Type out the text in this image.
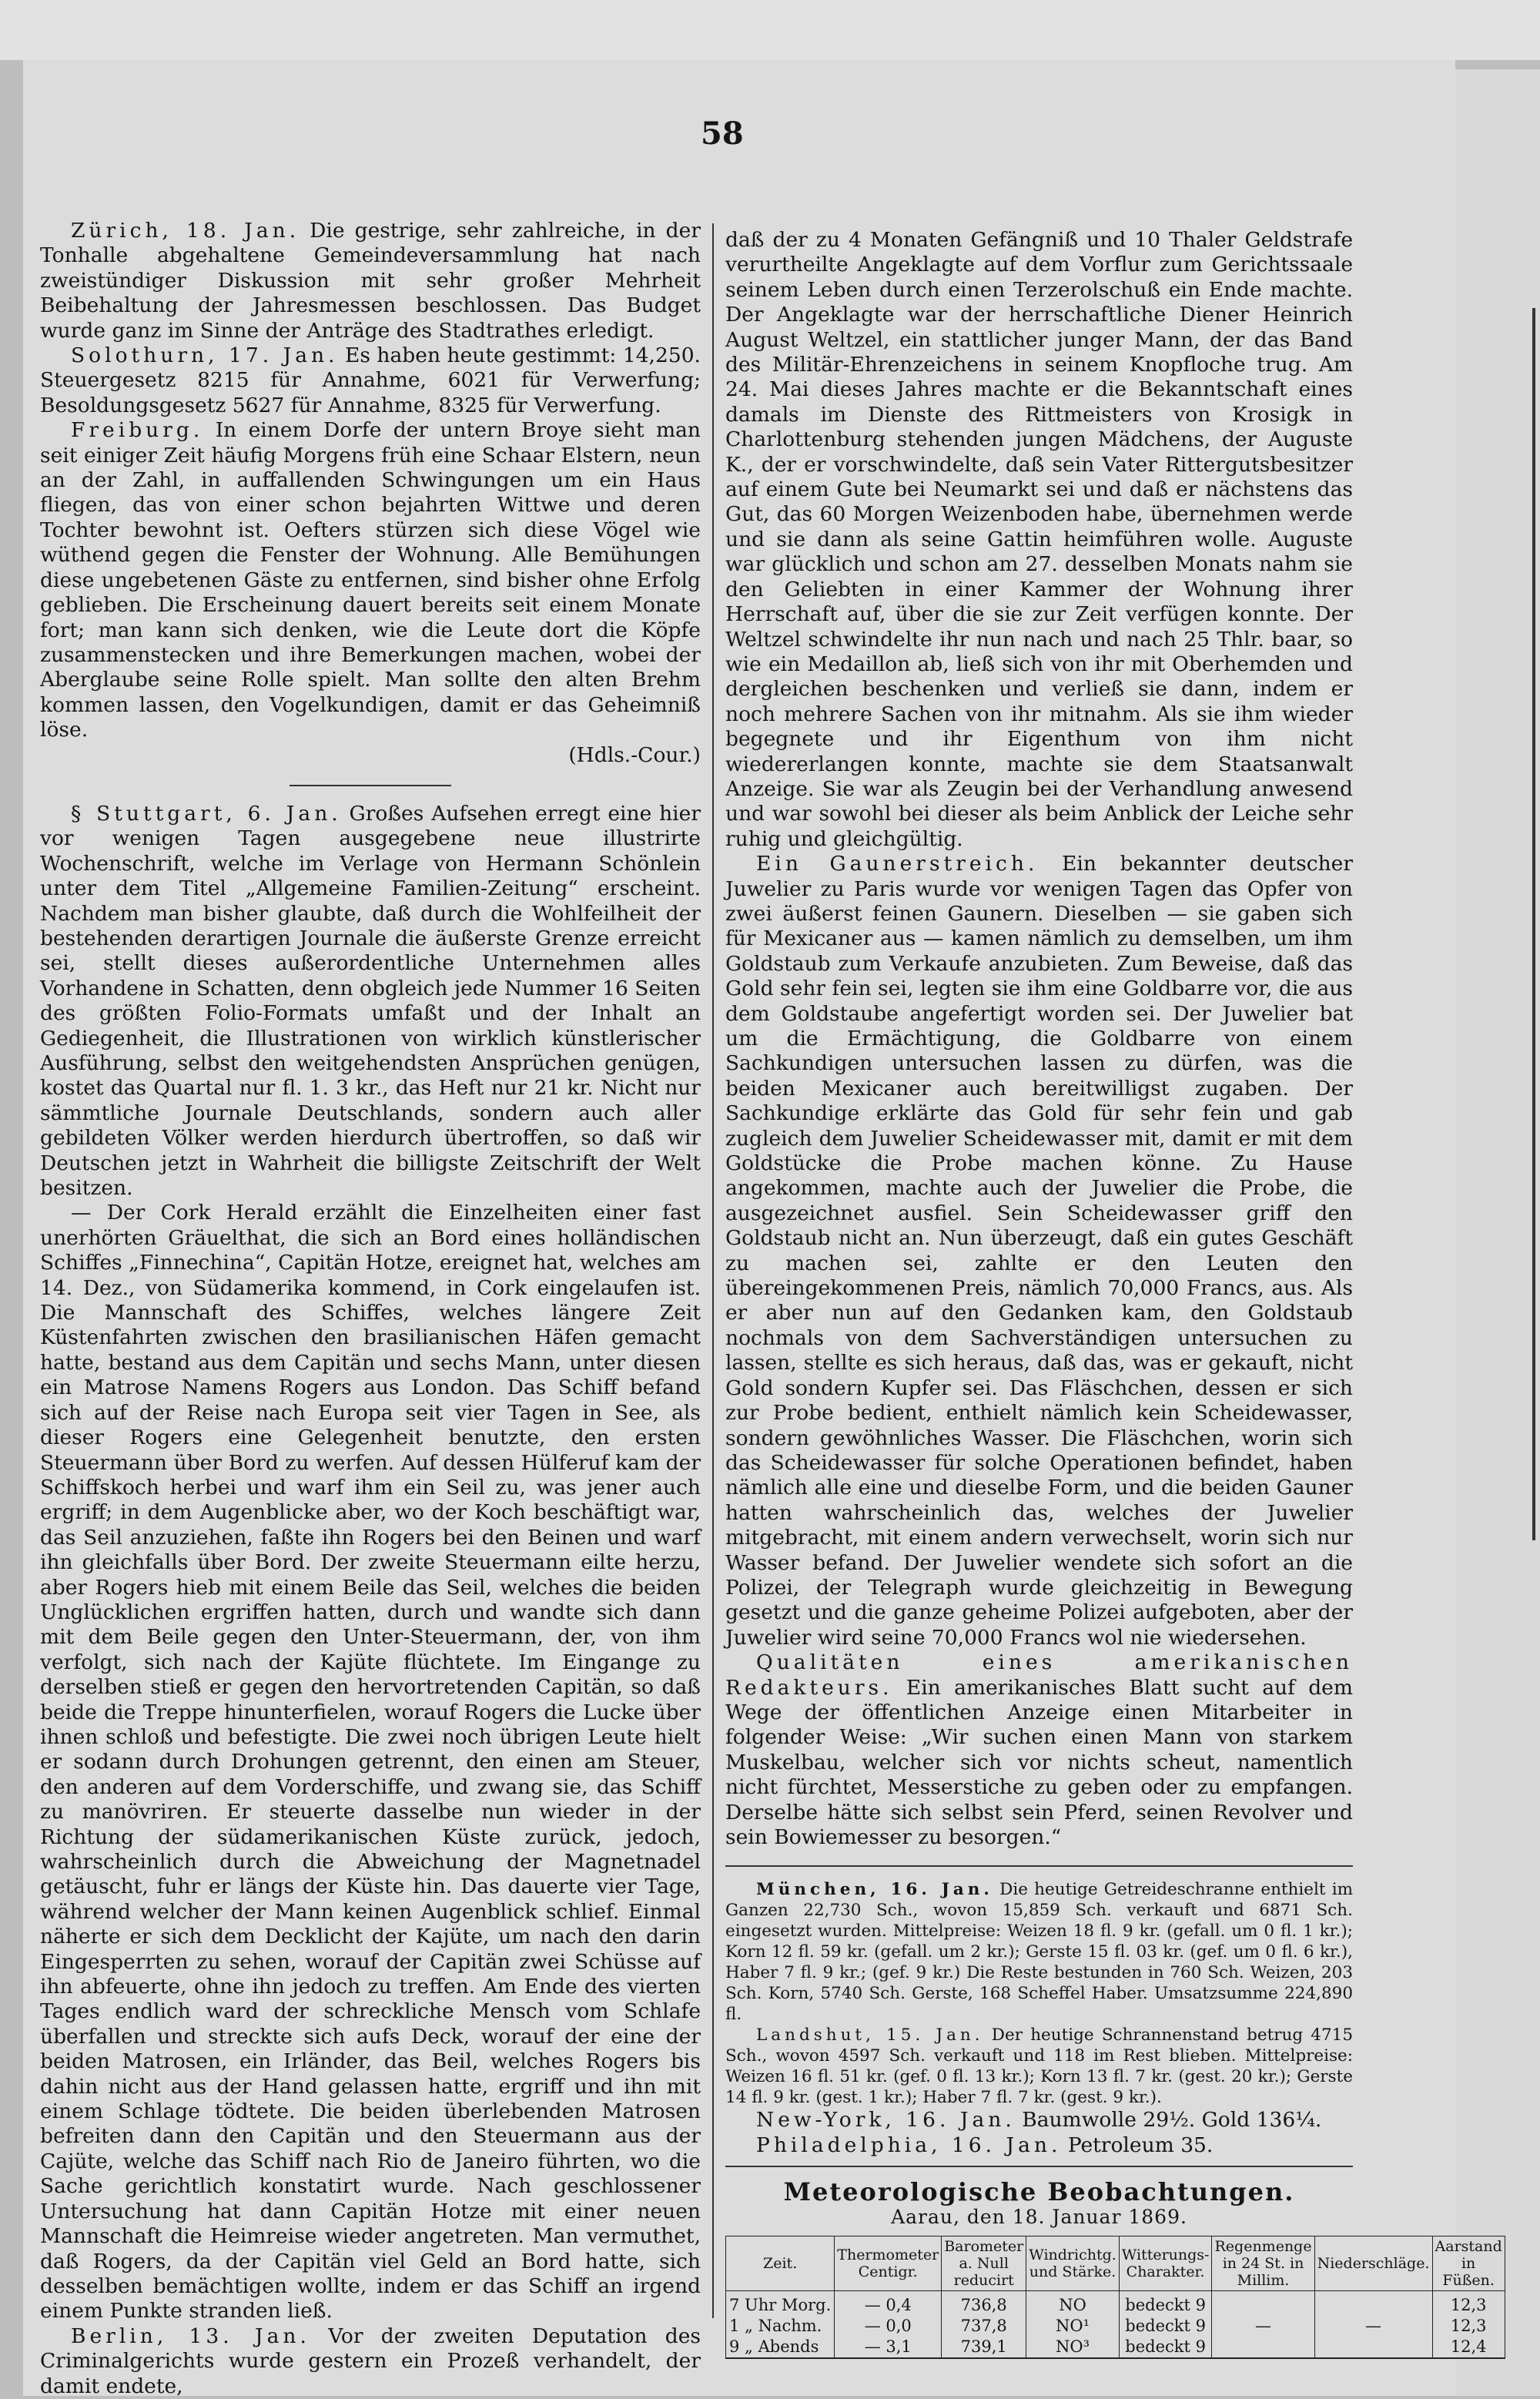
58

Zürich, 18. Jan. Die gestrige, sehr zahlreiche, in der Tonhalle abgehaltene Gemeindeversammlung hat nach zweistündiger Diskussion mit sehr großer Mehrheit Beibehaltung der Jahresmessen beschlossen. Das Budget wurde ganz im Sinne der Anträge des Stadtrathes erledigt.

Solothurn, 17. Jan. Es haben heute gestimmt: 14,250. Steuergesetz 8215 für Annahme, 6021 für Verwerfung; Besoldungsgesetz 5627 für Annahme, 8325 für Verwerfung.

Freiburg. In einem Dorfe der untern Broye sieht man seit einiger Zeit häufig Morgens früh eine Schaar Elstern, neun an der Zahl, in auffallenden Schwingungen um ein Haus fliegen, das von einer schon bejahrten Wittwe und deren Tochter bewohnt ist. Oefters stürzen sich diese Vögel wie wüthend gegen die Fenster der Wohnung. Alle Bemühungen diese ungebetenen Gäste zu entfernen, sind bisher ohne Erfolg geblieben. Die Erscheinung dauert bereits seit einem Monate fort; man kann sich denken, wie die Leute dort die Köpfe zusammenstecken und ihre Bemerkungen machen, wobei der Aberglaube seine Rolle spielt. Man sollte den alten Brehm kommen lassen, den Vogelkundigen, damit er das Geheimniß löse.

(Hdls.-Cour.)

§ Stuttgart, 6. Jan. Großes Aufsehen erregt eine hier vor wenigen Tagen ausgegebene neue illustrirte Wochenschrift, welche im Verlage von Hermann Schönlein unter dem Titel „Allgemeine Familien-Zeitung“ erscheint. Nachdem man bisher glaubte, daß durch die Wohlfeilheit der bestehenden derartigen Journale die äußerste Grenze erreicht sei, stellt dieses außerordentliche Unternehmen alles Vorhandene in Schatten, denn obgleich jede Nummer 16 Seiten des größten Folio-Formats umfaßt und der Inhalt an Gediegenheit, die Illustrationen von wirklich künstlerischer Ausführung, selbst den weitgehendsten Ansprüchen genügen, kostet das Quartal nur fl. 1. 3 kr., das Heft nur 21 kr. Nicht nur sämmtliche Journale Deutschlands, sondern auch aller gebildeten Völker werden hierdurch übertroffen, so daß wir Deutschen jetzt in Wahrheit die billigste Zeitschrift der Welt besitzen.

— Der Cork Herald erzählt die Einzelheiten einer fast unerhörten Gräuelthat, die sich an Bord eines holländischen Schiffes „Finnechina“, Capitän Hotze, ereignet hat, welches am 14. Dez., von Südamerika kommend, in Cork eingelaufen ist. Die Mannschaft des Schiffes, welches längere Zeit Küstenfahrten zwischen den brasilianischen Häfen gemacht hatte, bestand aus dem Capitän und sechs Mann, unter diesen ein Matrose Namens Rogers aus London. Das Schiff befand sich auf der Reise nach Europa seit vier Tagen in See, als dieser Rogers eine Gelegenheit benutzte, den ersten Steuermann über Bord zu werfen. Auf dessen Hülferuf kam der Schiffskoch herbei und warf ihm ein Seil zu, was jener auch ergriff; in dem Augenblicke aber, wo der Koch beschäftigt war, das Seil anzuziehen, faßte ihn Rogers bei den Beinen und warf ihn gleichfalls über Bord. Der zweite Steuermann eilte herzu, aber Rogers hieb mit einem Beile das Seil, welches die beiden Unglücklichen ergriffen hatten, durch und wandte sich dann mit dem Beile gegen den Unter-Steuermann, der, von ihm verfolgt, sich nach der Kajüte flüchtete. Im Eingange zu derselben stieß er gegen den hervortretenden Capitän, so daß beide die Treppe hinunterfielen, worauf Rogers die Lucke über ihnen schloß und befestigte. Die zwei noch übrigen Leute hielt er sodann durch Drohungen getrennt, den einen am Steuer, den anderen auf dem Vorderschiffe, und zwang sie, das Schiff zu manövriren. Er steuerte dasselbe nun wieder in der Richtung der südamerikanischen Küste zurück, jedoch, wahrscheinlich durch die Abweichung der Magnetnadel getäuscht, fuhr er längs der Küste hin. Das dauerte vier Tage, während welcher der Mann keinen Augenblick schlief. Einmal näherte er sich dem Decklicht der Kajüte, um nach den darin Eingesperrten zu sehen, worauf der Capitän zwei Schüsse auf ihn abfeuerte, ohne ihn jedoch zu treffen. Am Ende des vierten Tages endlich ward der schreckliche Mensch vom Schlafe überfallen und streckte sich aufs Deck, worauf der eine der beiden Matrosen, ein Irländer, das Beil, welches Rogers bis dahin nicht aus der Hand gelassen hatte, ergriff und ihn mit einem Schlage tödtete. Die beiden überlebenden Matrosen befreiten dann den Capitän und den Steuermann aus der Cajüte, welche das Schiff nach Rio de Janeiro führten, wo die Sache gerichtlich konstatirt wurde. Nach geschlossener Untersuchung hat dann Capitän Hotze mit einer neuen Mannschaft die Heimreise wieder angetreten. Man vermuthet, daß Rogers, da der Capitän viel Geld an Bord hatte, sich desselben bemächtigen wollte, indem er das Schiff an irgend einem Punkte stranden ließ.

Berlin, 13. Jan. Vor der zweiten Deputation des Criminalgerichts wurde gestern ein Prozeß verhandelt, der damit endete,

daß der zu 4 Monaten Gefängniß und 10 Thaler Geldstrafe verurtheilte Angeklagte auf dem Vorflur zum Gerichtssaale seinem Leben durch einen Terzerolschuß ein Ende machte. Der Angeklagte war der herrschaftliche Diener Heinrich August Weltzel, ein stattlicher junger Mann, der das Band des Militär-Ehrenzeichens in seinem Knopfloche trug. Am 24. Mai dieses Jahres machte er die Bekanntschaft eines damals im Dienste des Rittmeisters von Krosigk in Charlottenburg stehenden jungen Mädchens, der Auguste K., der er vorschwindelte, daß sein Vater Rittergutsbesitzer auf einem Gute bei Neumarkt sei und daß er nächstens das Gut, das 60 Morgen Weizenboden habe, übernehmen werde und sie dann als seine Gattin heimführen wolle. Auguste war glücklich und schon am 27. desselben Monats nahm sie den Geliebten in einer Kammer der Wohnung ihrer Herrschaft auf, über die sie zur Zeit verfügen konnte. Der Weltzel schwindelte ihr nun nach und nach 25 Thlr. baar, so wie ein Medaillon ab, ließ sich von ihr mit Oberhemden und dergleichen beschenken und verließ sie dann, indem er noch mehrere Sachen von ihr mitnahm. Als sie ihm wieder begegnete und ihr Eigenthum von ihm nicht wiedererlangen konnte, machte sie dem Staatsanwalt Anzeige. Sie war als Zeugin bei der Verhandlung anwesend und war sowohl bei dieser als beim Anblick der Leiche sehr ruhig und gleichgültig.

Ein Gaunerstreich. Ein bekannter deutscher Juwelier zu Paris wurde vor wenigen Tagen das Opfer von zwei äußerst feinen Gaunern. Dieselben — sie gaben sich für Mexicaner aus — kamen nämlich zu demselben, um ihm Goldstaub zum Verkaufe anzubieten. Zum Beweise, daß das Gold sehr fein sei, legten sie ihm eine Goldbarre vor, die aus dem Goldstaube angefertigt worden sei. Der Juwelier bat um die Ermächtigung, die Goldbarre von einem Sachkundigen untersuchen lassen zu dürfen, was die beiden Mexicaner auch bereitwilligst zugaben. Der Sachkundige erklärte das Gold für sehr fein und gab zugleich dem Juwelier Scheidewasser mit, damit er mit dem Goldstücke die Probe machen könne. Zu Hause angekommen, machte auch der Juwelier die Probe, die ausgezeichnet ausfiel. Sein Scheidewasser griff den Goldstaub nicht an. Nun überzeugt, daß ein gutes Geschäft zu machen sei, zahlte er den Leuten den übereingekommenen Preis, nämlich 70,000 Francs, aus. Als er aber nun auf den Gedanken kam, den Goldstaub nochmals von dem Sachverständigen untersuchen zu lassen, stellte es sich heraus, daß das, was er gekauft, nicht Gold sondern Kupfer sei. Das Fläschchen, dessen er sich zur Probe bedient, enthielt nämlich kein Scheidewasser, sondern gewöhnliches Wasser. Die Fläschchen, worin sich das Scheidewasser für solche Operationen befindet, haben nämlich alle eine und dieselbe Form, und die beiden Gauner hatten wahrscheinlich das, welches der Juwelier mitgebracht, mit einem andern verwechselt, worin sich nur Wasser befand. Der Juwelier wendete sich sofort an die Polizei, der Telegraph wurde gleichzeitig in Bewegung gesetzt und die ganze geheime Polizei aufgeboten, aber der Juwelier wird seine 70,000 Francs wol nie wiedersehen.

Qualitäten eines amerikanischen Redakteurs. Ein amerikanisches Blatt sucht auf dem Wege der öffentlichen Anzeige einen Mitarbeiter in folgender Weise: „Wir suchen einen Mann von starkem Muskelbau, welcher sich vor nichts scheut, namentlich nicht fürchtet, Messerstiche zu geben oder zu empfangen. Derselbe hätte sich selbst sein Pferd, seinen Revolver und sein Bowiemesser zu besorgen.“

München, 16. Jan. Die heutige Getreideschranne enthielt im Ganzen 22,730 Sch., wovon 15,859 Sch. verkauft und 6871 Sch. eingesetzt wurden. Mittelpreise: Weizen 18 fl. 9 kr. (gefall. um 0 fl. 1 kr.); Korn 12 fl. 59 kr. (gefall. um 2 kr.); Gerste 15 fl. 03 kr. (gef. um 0 fl. 6 kr.), Haber 7 fl. 9 kr.; (gef. 9 kr.) Die Reste bestunden in 760 Sch. Weizen, 203 Sch. Korn, 5740 Sch. Gerste, 168 Scheffel Haber. Umsatzsumme 224,890 fl.

Landshut, 15. Jan. Der heutige Schrannenstand betrug 4715 Sch., wovon 4597 Sch. verkauft und 118 im Rest blieben. Mittelpreise: Weizen 16 fl. 51 kr. (gef. 0 fl. 13 kr.); Korn 13 fl. 7 kr. (gest. 20 kr.); Gerste 14 fl. 9 kr. (gest. 1 kr.); Haber 7 fl. 7 kr. (gest. 9 kr.).

New-York, 16. Jan. Baumwolle 29½. Gold 136¼.

Philadelphia, 16. Jan. Petroleum 35.

Meteorologische Beobachtungen.
Aarau, den 18. Januar 1869.
Zeit.	Thermometer Centigr.	Barometer a. Null reducirt	Windrichtg. und Stärke.	Witterungs-Charakter.	Regenmenge in 24 St. in Millim.	Niederschläge.	Aarstand in Füßen.
7 Uhr Morg.	— 0,4	736,8	NO	bedeckt 9			12,3
1 „ Nachm.	— 0,0	737,8	NO¹	bedeckt 9	—	—	12,3
9 „ Abends	— 3,1	739,1	NO³	bedeckt 9			12,4
